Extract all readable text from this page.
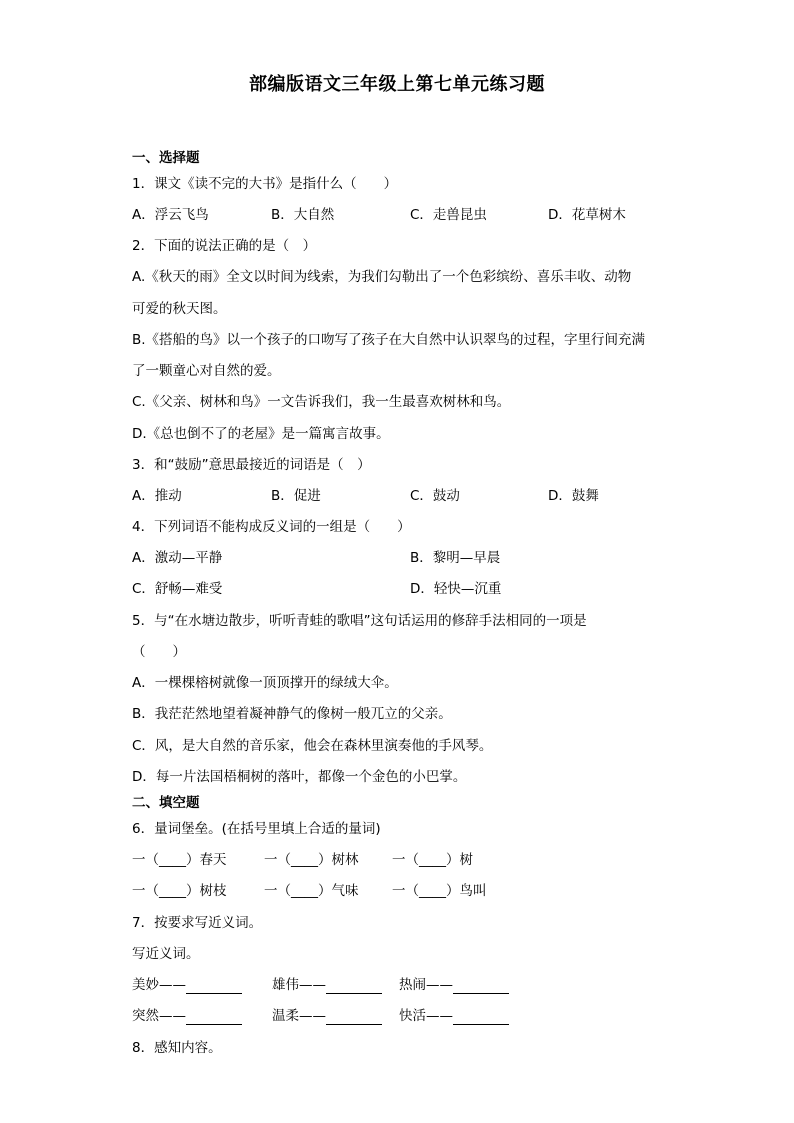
部编版语文三年级上第七单元练习题
一、选择题
1．课文《读不完的大书》是指什么（　　）
A．浮云飞鸟	B．大自然	C．走兽昆虫	D．花草树木
2．下面的说法正确的是（　）
A.《秋天的雨》全文以时间为线索，为我们勾勒出了一个色彩缤纷、喜乐丰收、动物
可爱的秋天图。
B.《搭船的鸟》以一个孩子的口吻写了孩子在大自然中认识翠鸟的过程，字里行间充满
了一颗童心对自然的爱。
C.《父亲、树林和鸟》一文告诉我们，我一生最喜欢树林和鸟。
D.《总也倒不了的老屋》是一篇寓言故事。
3．和“鼓励”意思最接近的词语是（　）
A．推动	B．促进	C．鼓动	D．鼓舞
4．下列词语不能构成反义词的一组是（　　）
A．激动—平静	B．黎明—早晨
C．舒畅—难受	D．轻快—沉重
5．与“在水塘边散步，听听青蛙的歌唱”这句话运用的修辞手法相同的一项是
（　　）
A．一棵棵榕树就像一顶顶撑开的绿绒大伞。
B．我茫茫然地望着凝神静气的像树一般兀立的父亲。
C．风，是大自然的音乐家，他会在森林里演奏他的手风琴。
D．每一片法国梧桐树的落叶，都像一个金色的小巴掌。
二、填空题
6．量词堡垒。(在括号里填上合适的量词)
一（____）春天	一（____）树林 一（____）树
一（____）树枝	一（____）气味 一（____）鸟叫
7．按要求写近义词。
写近义词。
美妙——	雄伟——	热闹——
突然——	温柔——	快活——
8．感知内容。
